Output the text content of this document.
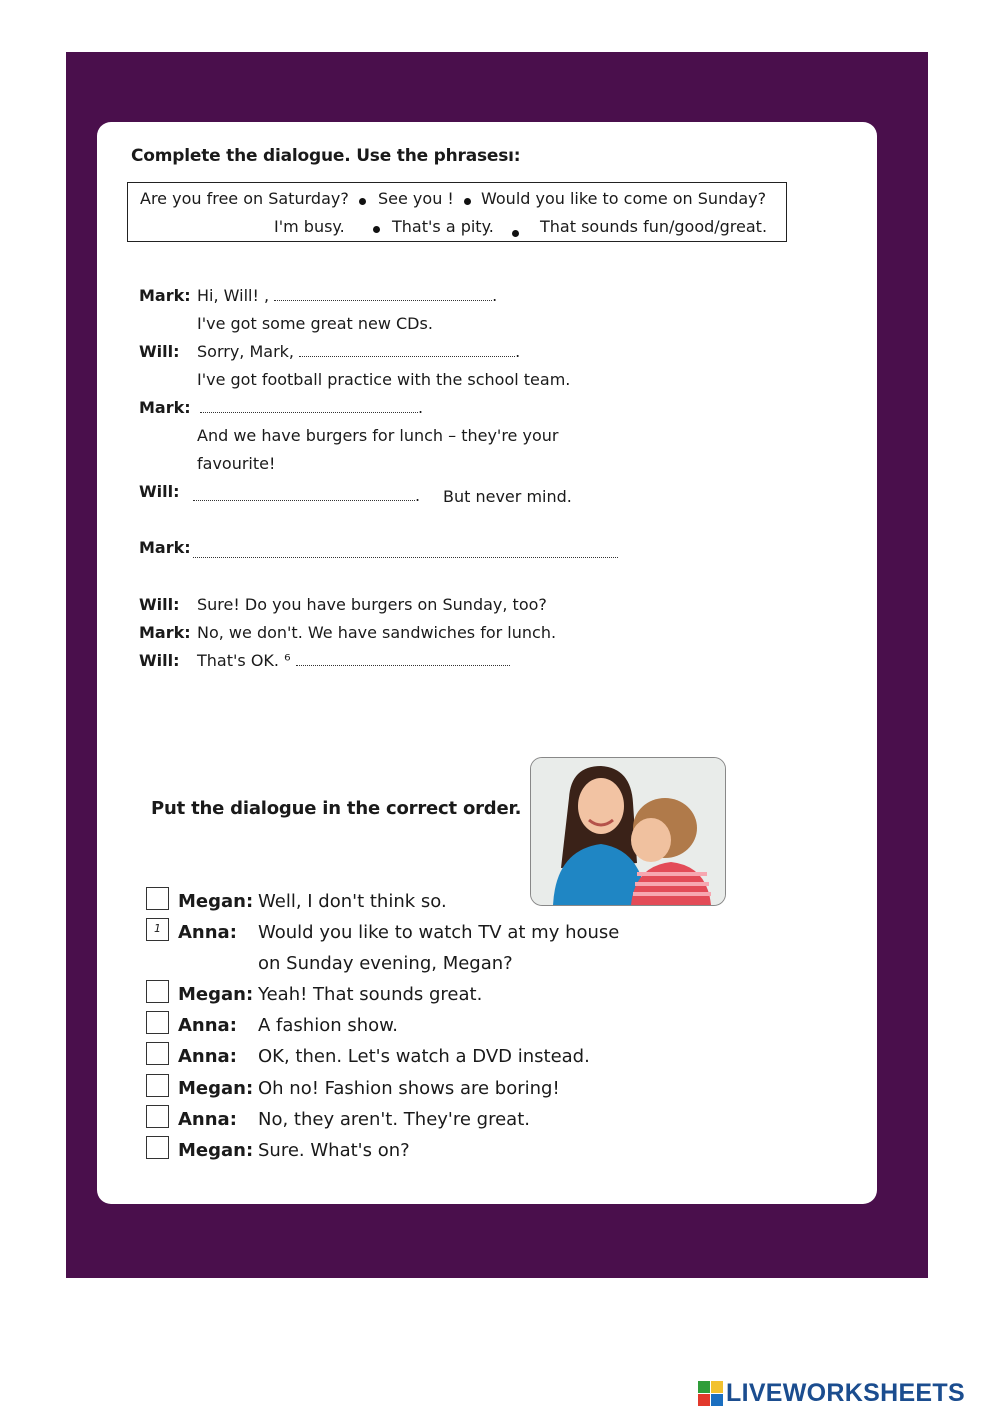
Complete the dialogue. Use the phrasesı:
Are you free on Saturday? See you ! Would you like to come on Sunday?
I'm busy.	That's a pity.	That sounds fun/good/great.
Mark: Hi, Will! ,	.
I've got some great new CDs.
Will: Sorry, Mark,	.
I've got football practice with the school team.
Mark:	.
And we have burgers for lunch – they're your
favourite!
Will:	. But never mind.
Mark:
Will: Sure! Do you have burgers on Sunday, too?
Mark: No, we don't. We have sandwiches for lunch.
Will: That's OK. ⁶
Put the dialogue in the correct order.
Megan: Well, I don't think so.
1 Anna: Would you like to watch TV at my house
on Sunday evening, Megan?
Megan: Yeah! That sounds great.
Anna: A fashion show.
Anna: OK, then. Let's watch a DVD instead.
Megan: Oh no! Fashion shows are boring!
Anna: No, they aren't. They're great.
Megan: Sure. What's on?
LIVEWORKSHEETS
